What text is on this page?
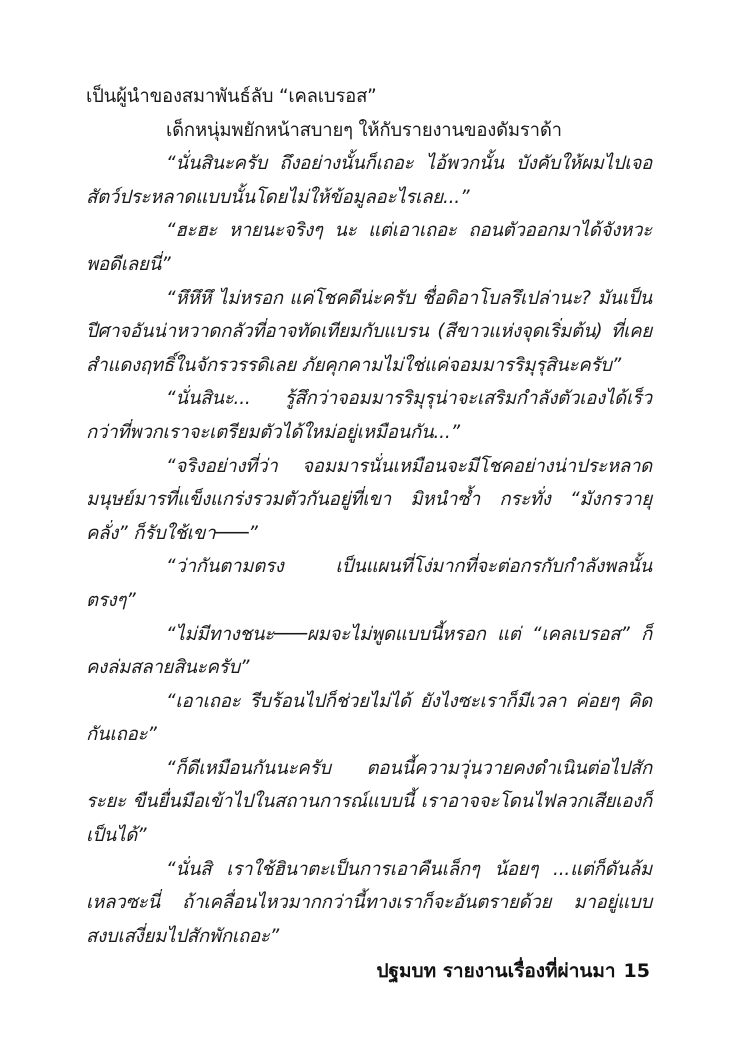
เป็นผู้นำของสมาพันธ์ลับ “เคลเบรอส”

เด็กหนุ่มพยักหน้าสบายๆ ให้กับรายงานของดัมราด้า

“นั่นสินะครับ ถึงอย่างนั้นก็เถอะ ไอ้พวกนั้น บังคับให้ผมไปเจอสัตว์ประหลาดแบบนั้นโดยไม่ให้ข้อมูลอะไรเลย...”

“ฮะฮะ หายนะจริงๆ นะ แต่เอาเถอะ ถอนตัวออกมาได้จังหวะพอดีเลยนี่”

“หึหึหึ ไม่หรอก แค่โชคดีน่ะครับ ชื่อดิอาโบลรึเปล่านะ? มันเป็นปีศาจอันน่าหวาดกลัวที่อาจทัดเทียมกับแบรน (สีขาวแห่งจุดเริ่มต้น) ที่เคยสำแดงฤทธิ์ในจักรวรรดิเลย ภัยคุกคามไม่ใช่แค่จอมมารริมุรุสินะครับ”

“นั่นสินะ... รู้สึกว่าจอมมารริมุรุน่าจะเสริมกำลังตัวเองได้เร็วกว่าที่พวกเราจะเตรียมตัวได้ใหม่อยู่เหมือนกัน...”

“จริงอย่างที่ว่า จอมมารนั่นเหมือนจะมีโชคอย่างน่าประหลาดมนุษย์มารที่แข็งแกร่งรวมตัวกันอยู่ที่เขา มิหนำซ้ำ กระทั่ง “มังกรวายุคลั่ง” ก็รับใช้เขา───”

“ว่ากันตามตรง เป็นแผนที่โง่มากที่จะต่อกรกับกำลังพลนั้นตรงๆ”

“ไม่มีทางชนะ───ผมจะไม่พูดแบบนี้หรอก แต่ “เคลเบรอส” ก็คงล่มสลายสินะครับ”

“เอาเถอะ รีบร้อนไปก็ช่วยไม่ได้ ยังไงซะเราก็มีเวลา ค่อยๆ คิดกันเถอะ”

“ก็ดีเหมือนกันนะครับ ตอนนี้ความวุ่นวายคงดำเนินต่อไปสักระยะ ขืนยื่นมือเข้าไปในสถานการณ์แบบนี้ เราอาจจะโดนไฟลวกเสียเองก็เป็นได้”

“นั่นสิ เราใช้ฮินาตะเป็นการเอาคืนเล็กๆ น้อยๆ ...แต่ก็ดันล้มเหลวซะนี่ ถ้าเคลื่อนไหวมากกว่านี้ทางเราก็จะอันตรายด้วย มาอยู่แบบสงบเสงี่ยมไปสักพักเถอะ”

ปฐมบท รายงานเรื่องที่ผ่านมา 15
